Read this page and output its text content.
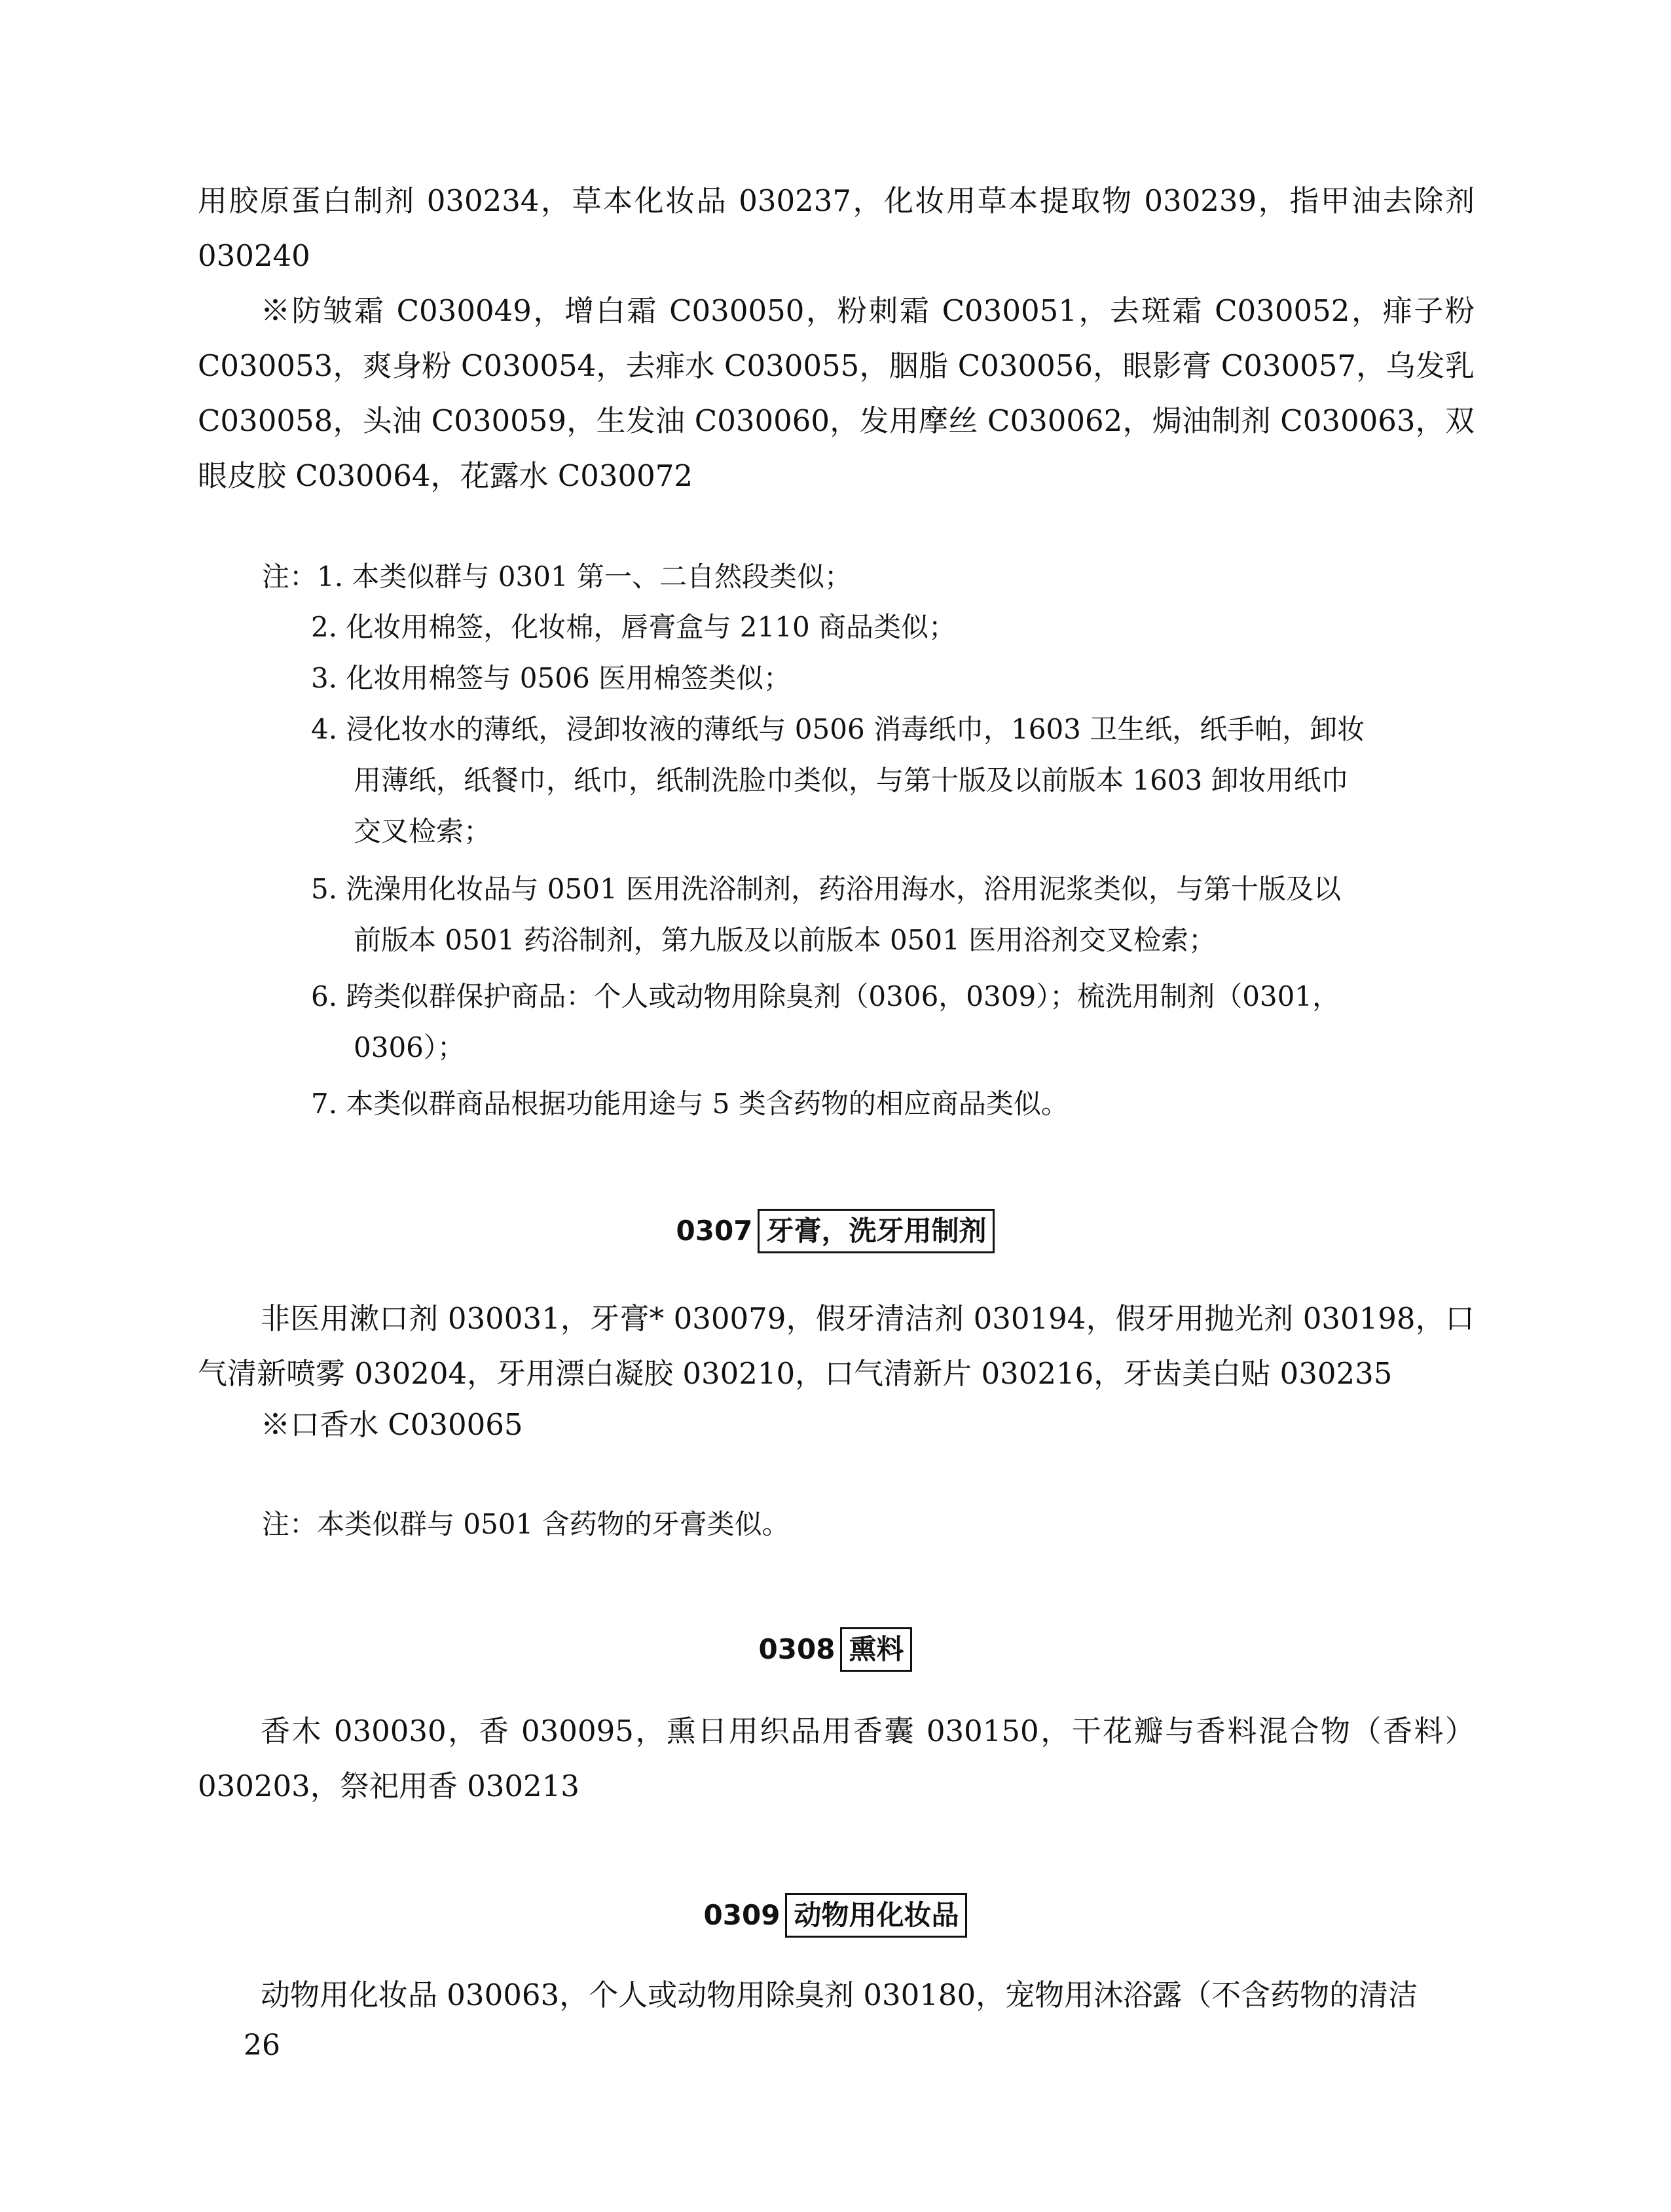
用胶原蛋白制剂 030234，草本化妆品 030237，化妆用草本提取物 030239，指甲油去除剂 030240

※防皱霜 C030049，增白霜 C030050，粉刺霜 C030051，去斑霜 C030052，痱子粉 C030053，爽身粉 C030054，去痱水 C030055，胭脂 C030056，眼影膏 C030057，乌发乳 C030058，头油 C030059，生发油 C030060，发用摩丝 C030062，焗油制剂 C030063，双眼皮胶 C030064，花露水 C030072

注：1. 本类似群与 0301 第一、二自然段类似；

2. 化妆用棉签，化妆棉，唇膏盒与 2110 商品类似；

3. 化妆用棉签与 0506 医用棉签类似；

4. 浸化妆水的薄纸，浸卸妆液的薄纸与 0506 消毒纸巾，1603 卫生纸，纸手帕，卸妆

用薄纸，纸餐巾，纸巾，纸制洗脸巾类似，与第十版及以前版本 1603 卸妆用纸巾

交叉检索；

5. 洗澡用化妆品与 0501 医用洗浴制剂，药浴用海水，浴用泥浆类似，与第十版及以

前版本 0501 药浴制剂，第九版及以前版本 0501 医用浴剂交叉检索；

6. 跨类似群保护商品：个人或动物用除臭剂（0306，0309）；梳洗用制剂（0301，

0306）；

7. 本类似群商品根据功能用途与 5 类含药物的相应商品类似。

0307 牙膏，洗牙用制剂

非医用漱口剂 030031，牙膏* 030079，假牙清洁剂 030194，假牙用抛光剂 030198，口气清新喷雾 030204，牙用漂白凝胶 030210，口气清新片 030216，牙齿美白贴 030235

※口香水 C030065

注：本类似群与 0501 含药物的牙膏类似。

0308 熏料

香木 030030，香 030095，熏日用织品用香囊 030150，干花瓣与香料混合物（香料）030203，祭祀用香 030213

0309 动物用化妆品

动物用化妆品 030063，个人或动物用除臭剂 030180，宠物用沐浴露（不含药物的清洁

26
